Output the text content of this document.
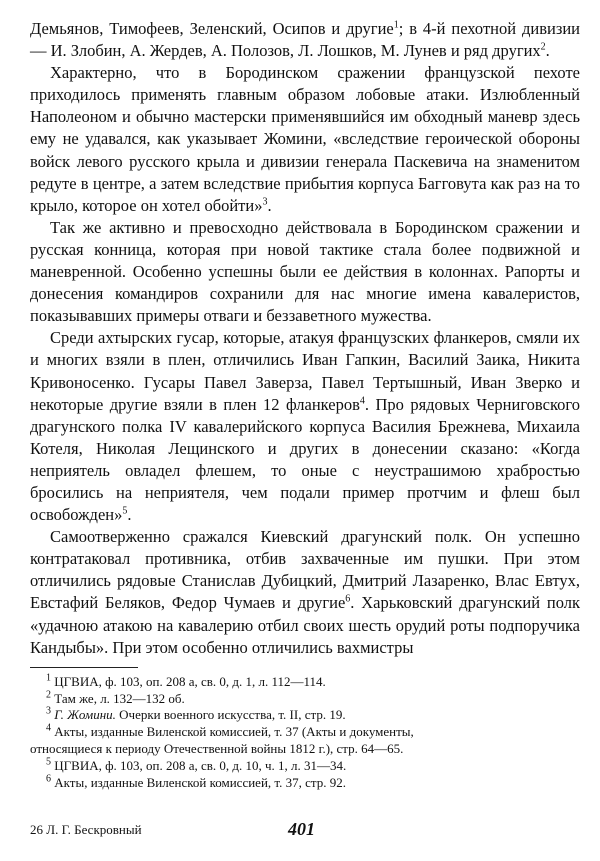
Демьянов, Тимофеев, Зеленский, Осипов и другие$^1$; в 4-й пехотной дивизии — И. Злобин, А. Жердев, А. Полозов, Л. Лошков, М. Лунев и ряд других$^2$.

Характерно, что в Бородинском сражении французской пехоте приходилось применять главным образом лобовые атаки. Излюбленный Наполеоном и обычно мастерски применявшийся им обходный маневр здесь ему не удавался, как указывает Жомини, «вследствие героической обороны войск левого русского крыла и дивизии генерала Паскевича на знаменитом редуте в центре, а затем вследствие прибытия корпуса Багговута как раз на то крыло, которое он хотел обойти»$^3$.

Так же активно и превосходно действовала в Бородинском сражении и русская конница, которая при новой тактике стала более подвижной и маневренной. Особенно успешны были ее действия в колоннах. Рапорты и донесения командиров сохранили для нас многие имена кавалеристов, показывавших примеры отваги и беззаветного мужества.

Среди ахтырских гусар, которые, атакуя французских фланкеров, смяли их и многих взяли в плен, отличились Иван Гапкин, Василий Заика, Никита Кривоносенко. Гусары Павел Заверза, Павел Тертышный, Иван Зверко и некоторые другие взяли в плен 12 фланкеров$^4$. Про рядовых Черниговского драгунского полка IV кавалерийского корпуса Василия Брежнева, Михаила Котеля, Николая Лещинского и других в донесении сказано: «Когда неприятель овладел флешем, то оные с неустрашимою храбростью бросились на неприятеля, чем подали пример протчим и флеш был освобожден»$^5$.

Самоотверженно сражался Киевский драгунский полк. Он успешно контратаковал противника, отбив захваченные им пушки. При этом отличились рядовые Станислав Дубицкий, Дмитрий Лазаренко, Влас Евтух, Евстафий Беляков, Федор Чумаев и другие$^6$. Харьковский драгунский полк «удачною атакою на кавалерию отбил своих шесть орудий роты подпоручика Кандыбы». При этом особенно отличились вахмистры

$^1$ ЦГВИА, ф. 103, оп. 208 а, св. 0, д. 1, л. 112—114.

$^2$ Там же, л. 132—132 об.

$^3$ Г. Жомини. Очерки военного искусства, т. II, стр. 19.

$^4$ Акты, изданные Виленской комиссией, т. 37 (Акты и документы,

относящиеся к периоду Отечественной войны 1812 г.), стр. 64—65.

$^5$ ЦГВИА, ф. 103, оп. 208 а, св. 0, д. 10, ч. 1, л. 31—34.

$^6$ Акты, изданные Виленской комиссией, т. 37, стр. 92.

26 Л. Г. Бескровный	401
